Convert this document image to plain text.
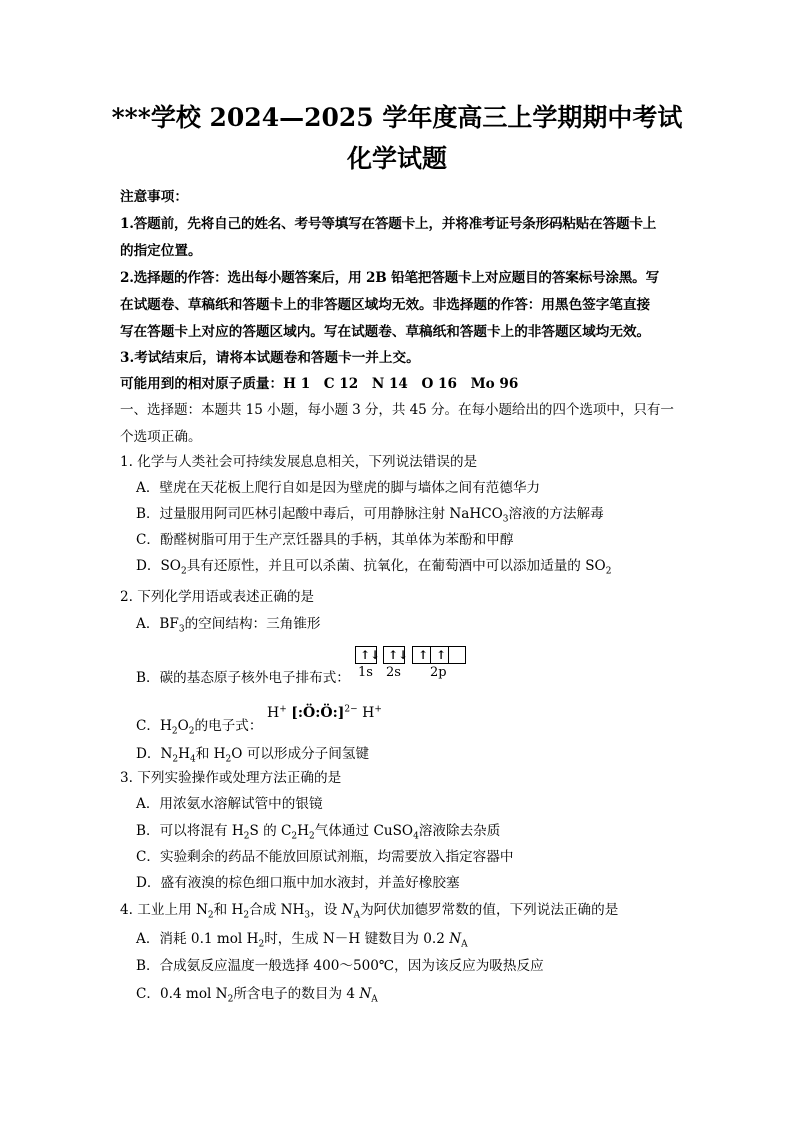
***学校 2024—2025 学年度高三上学期期中考试
化学试题
注意事项：
1.答题前，先将自己的姓名、考号等填写在答题卡上，并将准考证号条形码粘贴在答题卡上
的指定位置。
2.选择题的作答：选出每小题答案后，用 2B 铅笔把答题卡上对应题目的答案标号涂黑。写
在试题卷、草稿纸和答题卡上的非答题区域均无效。非选择题的作答：用黑色签字笔直接
写在答题卡上对应的答题区域内。写在试题卷、草稿纸和答题卡上的非答题区域均无效。
3.考试结束后，请将本试题卷和答题卡一并上交。
可能用到的相对原子质量：H 1　C 12　N 14　O 16　Mo 96
一、选择题：本题共 15 小题，每小题 3 分，共 45 分。在每小题给出的四个选项中，只有一
个选项正确。
1. 化学与人类社会可持续发展息息相关，下列说法错误的是
A．壁虎在天花板上爬行自如是因为壁虎的脚与墙体之间有范德华力
B．过量服用阿司匹林引起酸中毒后，可用静脉注射 NaHCO$_3$溶液的方法解毒
C．酚醛树脂可用于生产烹饪器具的手柄，其单体为苯酚和甲醇
D．$SO_2$具有还原性，并且可以杀菌、抗氧化，在葡萄酒中可以添加适量的 $SO_2$
2. 下列化学用语或表述正确的是
A．$BF_3$的空间结构：三角锥形
B．碳的基态原子核外电子排布式：
↑↓ ↑↓ ↑ ↑
1s 2s 2p
C．$H_2O_2$的电子式：
H+ [:Ö:Ö:]$^{2-}$ H+
D．$N_2H_4$和 $H_2O$ 可以形成分子间氢键
3. 下列实验操作或处理方法正确的是
A．用浓氨水溶解试管中的银镜
B．可以将混有 $H_2S$ 的 $C_2H_2$气体通过 CuSO$_4$溶液除去杂质
C．实验剩余的药品不能放回原试剂瓶，均需要放入指定容器中
D．盛有液溴的棕色细口瓶中加水液封，并盖好橡胶塞
4. 工业上用 $N_2$和 $H_2$合成 $NH_3$，设 $N_A$为阿伏加德罗常数的值，下列说法正确的是
A．消耗 0.1 mol $H_2$时，生成 N－H 键数目为 0.2 $N_A$
B．合成氨反应温度一般选择 400～500℃，因为该反应为吸热反应
C．0.4 mol $N_2$所含电子的数目为 4 $N_A$
